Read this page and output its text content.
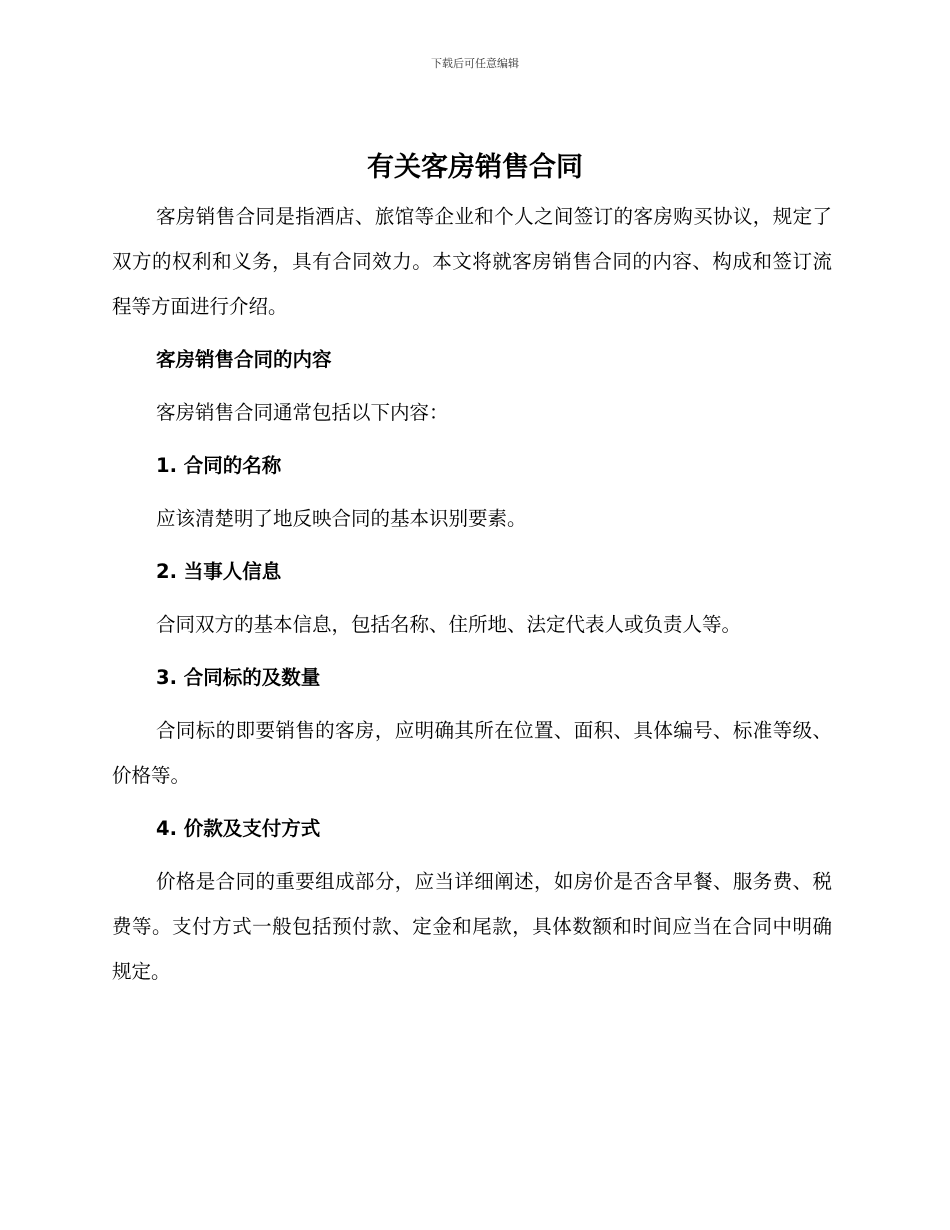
下载后可任意编辑
有关客房销售合同

客房销售合同是指酒店、旅馆等企业和个人之间签订的客房购买协议，规定了双方的权利和义务，具有合同效力。本文将就客房销售合同的内容、构成和签订流程等方面进行介绍。

客房销售合同的内容
客房销售合同通常包括以下内容：
1. 合同的名称

应该清楚明了地反映合同的基本识别要素。

2. 当事人信息

合同双方的基本信息，包括名称、住所地、法定代表人或负责人等。

3. 合同标的及数量

合同标的即要销售的客房，应明确其所在位置、面积、具体编号、标准等级、价格等。

4. 价款及支付方式

价格是合同的重要组成部分，应当详细阐述，如房价是否含早餐、服务费、税费等。支付方式一般包括预付款、定金和尾款，具体数额和时间应当在合同中明确规定。
